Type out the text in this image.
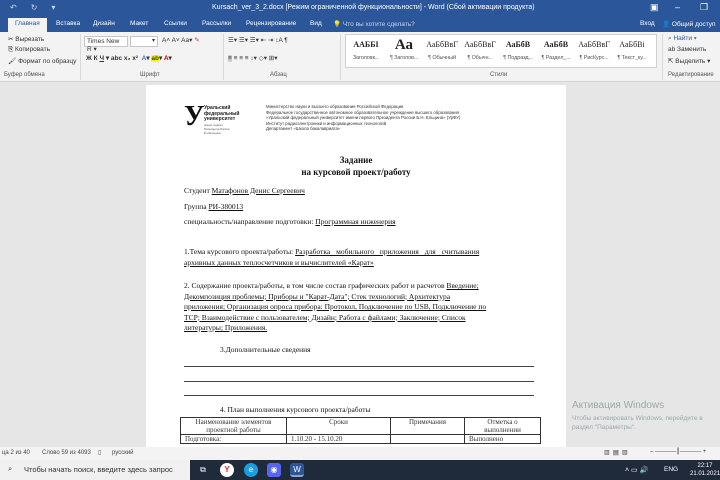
↶ ↻ ▾	Kursach_ver_3_2.docx [Режим ограниченной функциональности] - Word (Сбой активации продукта)	▣ – ❐
Главная	Вставка Дизайн Макет Ссылки Рассылки Рецензирование Вид 💡 Что вы хотите сделать?	Вход 👤 Общий доступ
✂ Вырезать
⎘ Копировать
🖌 Формат по образцу
Буфер обмена
Times New R ▾
▾	A˄ A˅ Aa▾ ✎
Ж К Ч ▾ abc x₂ x²  A▾ ab▾ A▾
Шрифт
☰▾ ☰▾ ☰▾ ⇤ ⇥ ↕A ¶
≡ ≡ ≡ ≡ ↕▾ ◇▾ ⊞▾
Абзац
ААББІ
Заголовк...
Аа
¶ Заголов...
АаБбВвГ
¶ Обычный
АаБбВвГ
¶ Обычн...
АаБбВ
¶ Подразд...
АаБбВ
¶ Раздел_...
АаБбВвГ
¶ РисКурс...
АаБбВі
¶ Текст_ку...
Стили
⌕ Найти ▾
ab Заменить
⇱ Выделить ▾
Редактирование
У Уральский федеральный университет
имени первого Президента России Б.Н.Ельцина
Министерство науки и высшего образования Российской Федерации
Федеральное государственное автономное образовательное учреждение высшего образования
«Уральский федеральный университет имени первого Президента России Б.Н. Ельцина» (УрФУ)
Институт радиоэлектроники и информационных технологий
Департамент «Школа бакалавриата»
Задание
на курсовой проект/работу
Студент Матафонов Денис Сергеевич
Группа РИ-380013
специальность/направление подготовки: Программная инженерия
1.Тема курсового проекта/работы: Разработка мобильного приложения для считывания
архивных данных теплосчетчиков и вычислителей «Карат»
2. Содержание проекта/работы, в том числе состав графических работ и расчетов Введение;
Декомпозиция проблемы; Приборы и "Карат-Дата"; Стек технологий; Архитектура
приложения; Организация опроса прибора: Протокол, Подключение по USB, Подключение по
TCP; Взаимодействие с пользователем; Дизайн; Работа с файлами; Заключение; Список
литературы; Приложения.
3.Дополнительные сведения
4. План выполнения курсового проекта/работы
Наименование элементов проектной работы	Сроки	Примечания	Отметка о выполнении
Подготовка:	1.10.20 - 15.10.20		Выполнено
Активация Windows
Чтобы активировать Windows, перейдите в раздел "Параметры".
ца 2 из 40 Слово 59 из 4093 ▯ русский	▥  ▤  ▧	– ─────┃───── +
⌕ Чтобы начать поиск, введите здесь запрос	⧉	Y	e	◉	W	˄ ▭ 🔊 ENG	22:17
21.01.2021
